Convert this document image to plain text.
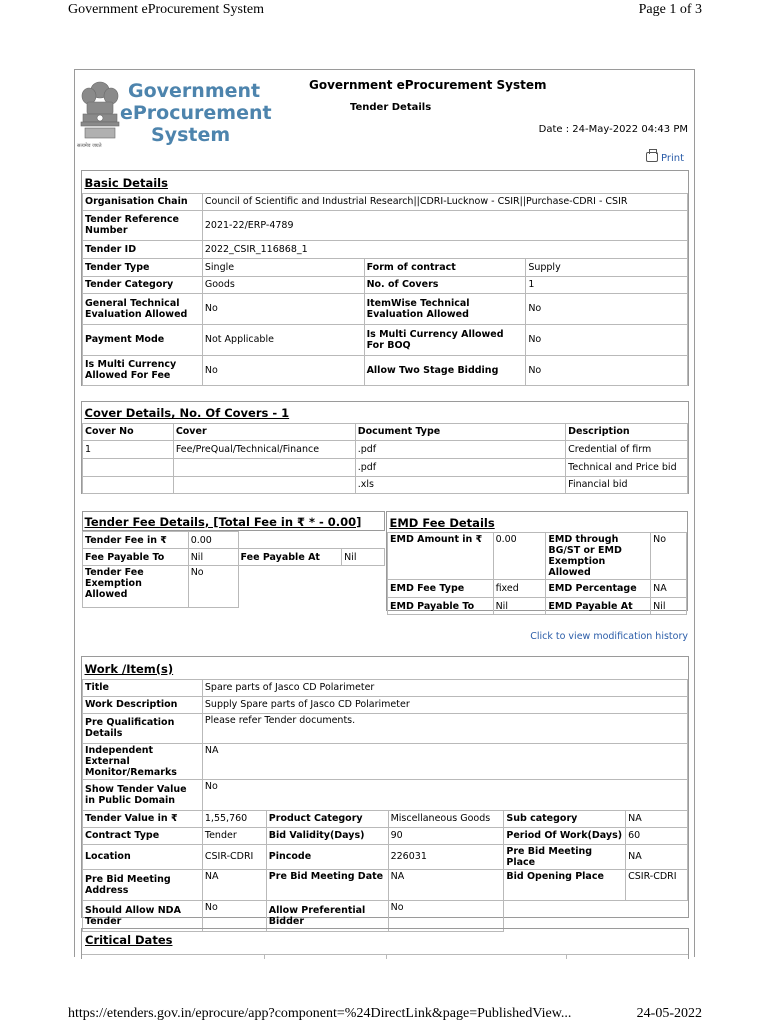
Government eProcurement System	Page 1 of 3
सत्यमेव जयते
Government
eProcurement
System
Government eProcurement System
Tender Details
Date : 24-May-2022 04:43 PM
Print
Basic Details			
Organisation Chain	Council of Scientific and Industrial Research||CDRI-Lucknow - CSIR||Purchase-CDRI - CSIR		
Tender Reference Number	2021-22/ERP-4789		
Tender ID	2022_CSIR_116868_1		
Tender Type	Single	Form of contract	Supply
Tender Category	Goods	No. of Covers	1
General Technical Evaluation Allowed	No	ItemWise Technical Evaluation Allowed	No
Payment Mode	Not Applicable	Is Multi Currency Allowed For BOQ	No
Is Multi Currency Allowed For Fee	No	Allow Two Stage Bidding	No
Cover Details, No. Of Covers - 1			
Cover No	Cover	Document Type	Description
1	Fee/PreQual/Technical/Finance	.pdf	Credential of firm
		.pdf	Technical and Price bid
		.xls	Financial bid
Tender Fee Details, [Total Fee in ₹ * - 0.00]			
Tender Fee in ₹	0.00		
Fee Payable To	Nil	Fee Payable At	Nil
Tender Fee Exemption Allowed	No		
EMD Fee Details			
EMD Amount in ₹	0.00	EMD through BG/ST or EMD Exemption Allowed	No
EMD Fee Type	fixed	EMD Percentage	NA
EMD Payable To	Nil	EMD Payable At	Nil
Click to view modification history
Work /Item(s)					
Title	Spare parts of Jasco CD Polarimeter				
Work Description	Supply Spare parts of Jasco CD Polarimeter				
Pre Qualification Details	Please refer Tender documents.				
Independent External Monitor/Remarks	NA				
Show Tender Value in Public Domain	No				
Tender Value in ₹	1,55,760	Product Category	Miscellaneous Goods	Sub category	NA
Contract Type	Tender	Bid Validity(Days)	90	Period Of Work(Days)	60
Location	CSIR-CDRI	Pincode	226031	Pre Bid Meeting Place	NA
Pre Bid Meeting Address	NA	Pre Bid Meeting Date	NA	Bid Opening Place	CSIR-CDRI
Should Allow NDA Tender	No	Allow Preferential Bidder	No		
Critical Dates
https://etenders.gov.in/eprocure/app?component=%24DirectLink&page=PublishedView...	24-05-2022
